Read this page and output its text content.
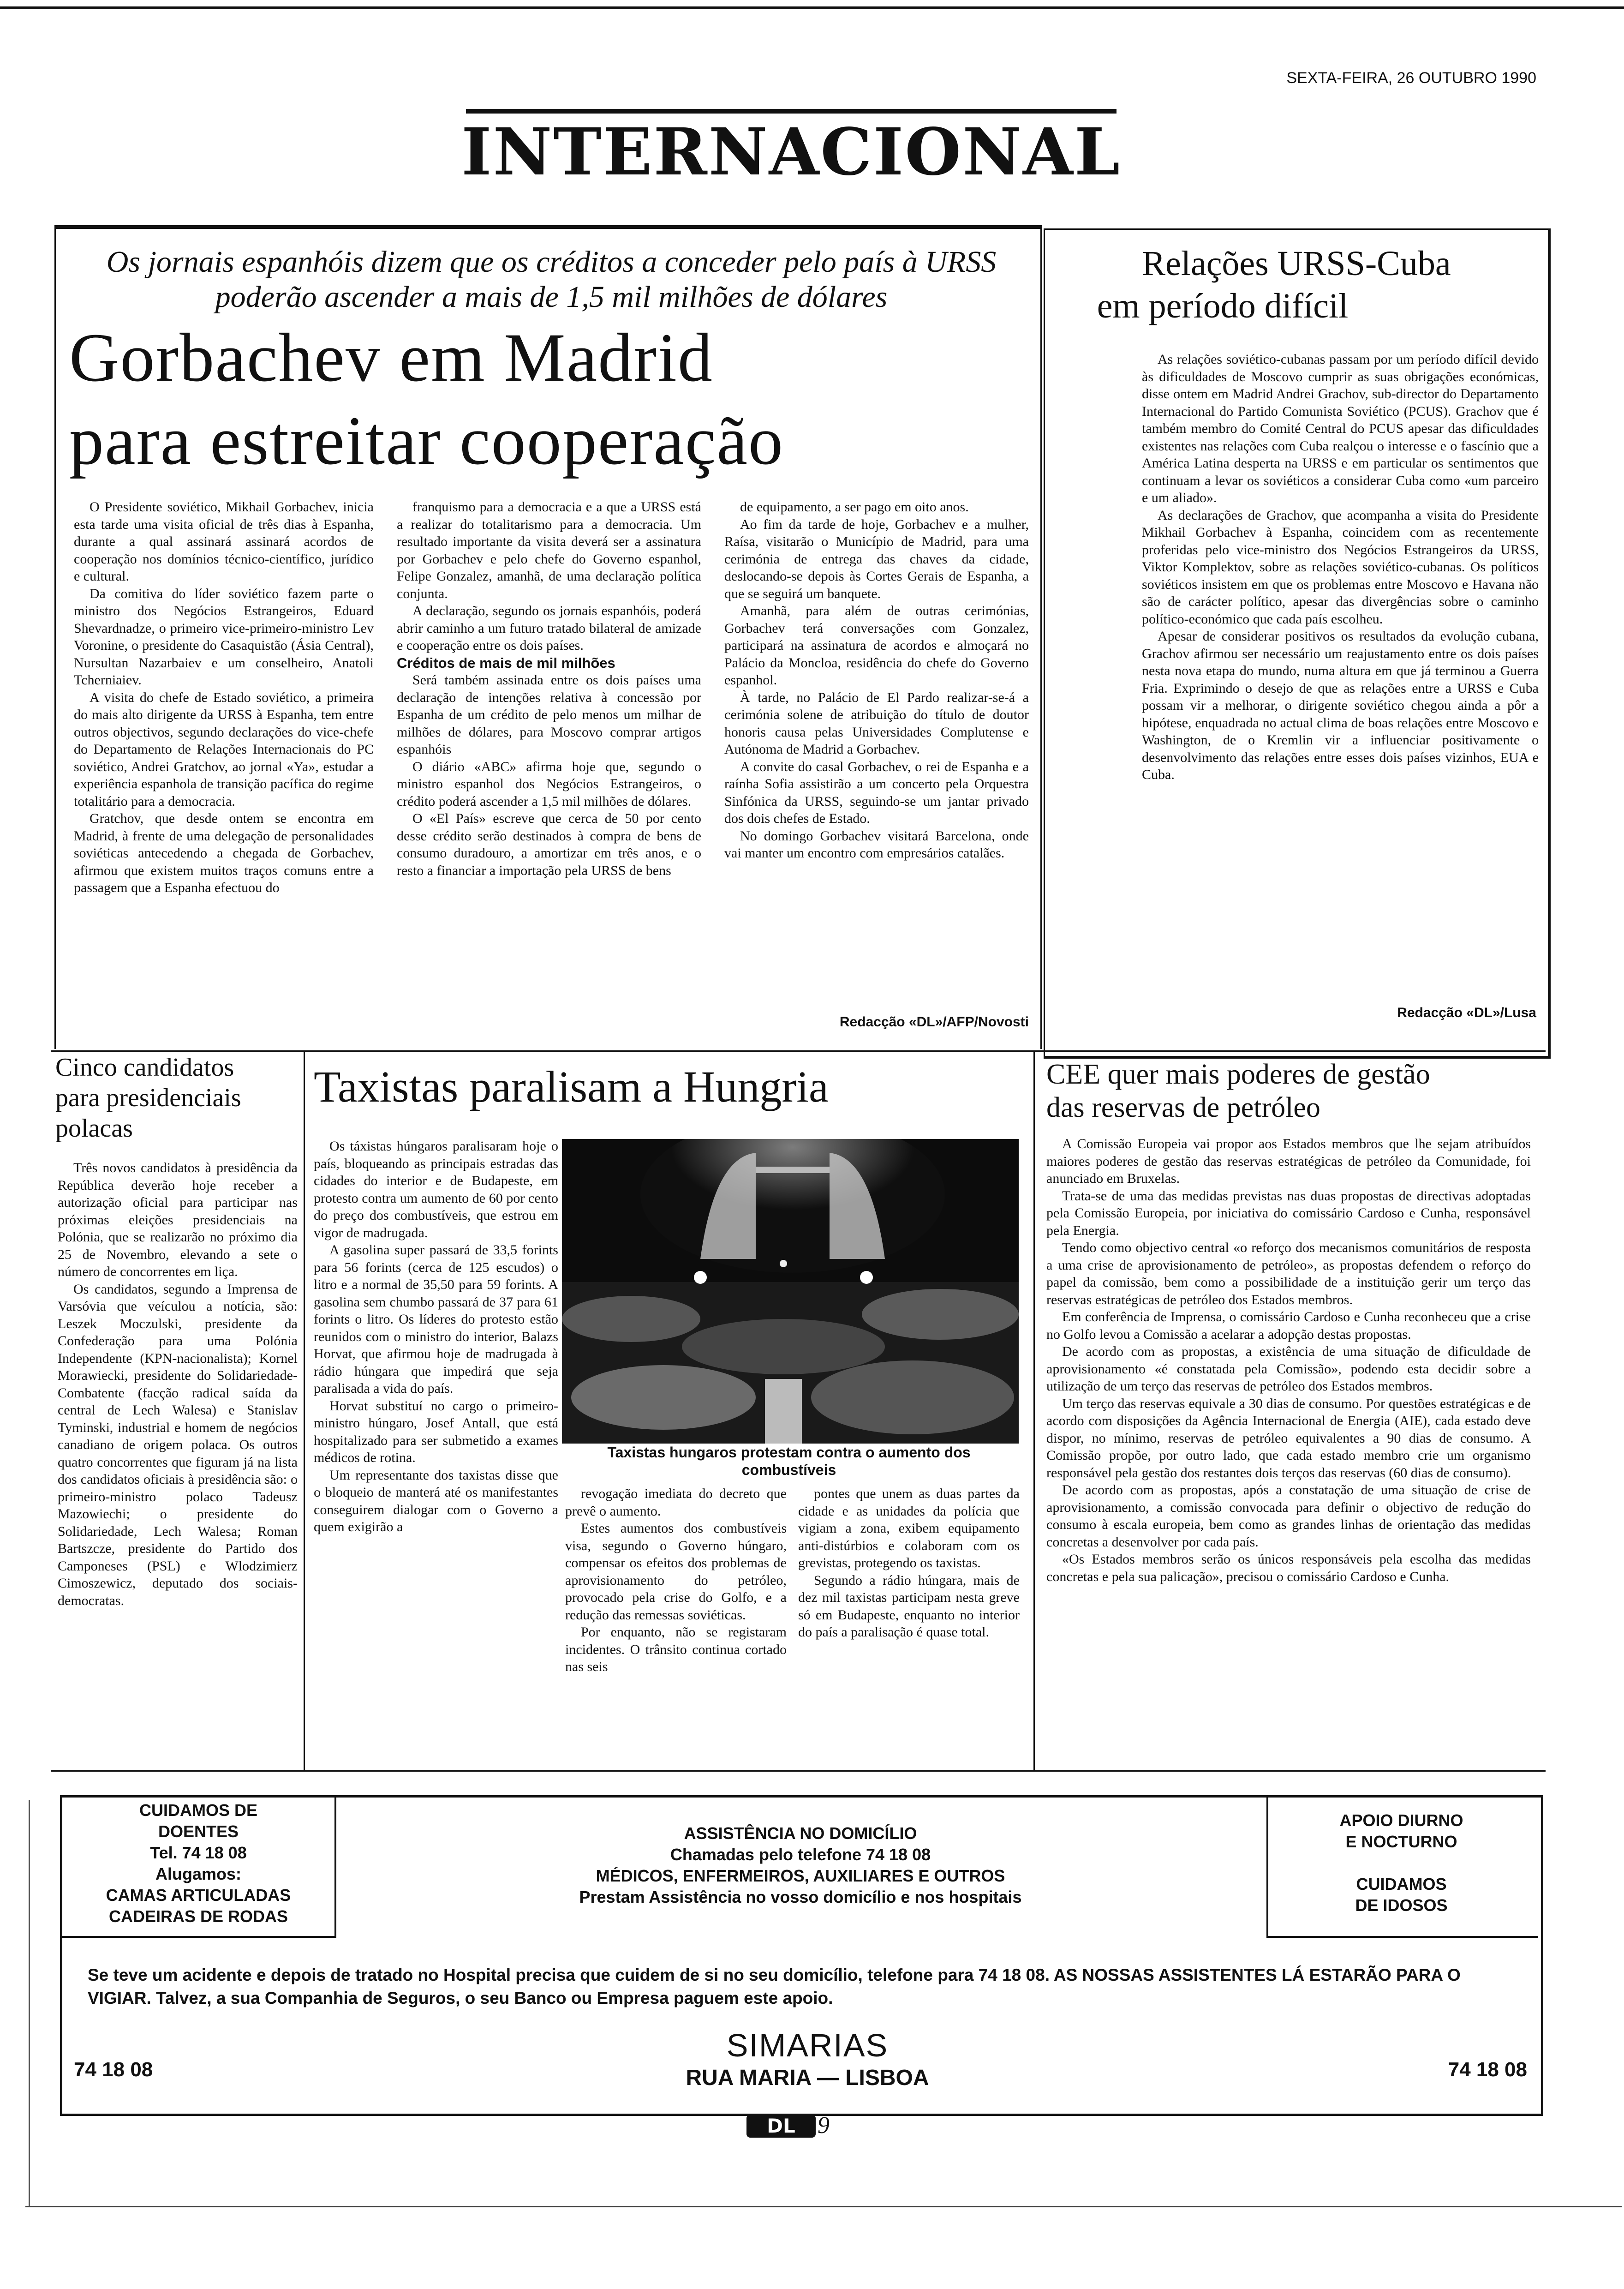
SEXTA-FEIRA, 26 OUTUBRO 1990
INTERNACIONAL
Os jornais espanhóis dizem que os créditos a conceder pelo país à URSS poderão ascender a mais de 1,5 mil milhões de dólares
Gorbachev em Madrid
para estreitar cooperação

O Presidente soviético, Mikhail Gorbachev, inicia esta tarde uma visita oficial de três dias à Espanha, durante a qual assinará assinará acordos de cooperação nos domínios técnico-científico, jurídico e cultural.

Da comitiva do líder soviético fazem parte o ministro dos Negócios Estrangeiros, Eduard Shevardnadze, o primeiro vice-primeiro-ministro Lev Voronine, o presidente do Casaquistão (Ásia Central), Nursultan Nazarbaiev e um conselheiro, Anatoli Tcherniaiev.

A visita do chefe de Estado soviético, a primeira do mais alto dirigente da URSS à Espanha, tem entre outros objectivos, segundo declarações do vice-chefe do Departamento de Relações Internacionais do PC soviético, Andrei Gratchov, ao jornal «Ya», estudar a experiência espanhola de transição pacífica do regime totalitário para a democracia.

Gratchov, que desde ontem se encontra em Madrid, à frente de uma delegação de personalidades soviéticas antecedendo a chegada de Gorbachev, afirmou que existem muitos traços comuns entre a passagem que a Espanha efectuou do

franquismo para a democracia e a que a URSS está a realizar do totalitarismo para a democracia. Um resultado importante da visita deverá ser a assinatura por Gorbachev e pelo chefe do Governo espanhol, Felipe Gonzalez, amanhã, de uma declaração política conjunta.

A declaração, segundo os jornais espanhóis, poderá abrir caminho a um futuro tratado bilateral de amizade e cooperação entre os dois países.

Créditos de mais de mil milhões

Será também assinada entre os dois países uma declaração de intenções relativa à concessão por Espanha de um crédito de pelo menos um milhar de milhões de dólares, para Moscovo comprar artigos espanhóis

O diário «ABC» afirma hoje que, segundo o ministro espanhol dos Negócios Estrangeiros, o crédito poderá ascender a 1,5 mil milhões de dólares.

O «El País» escreve que cerca de 50 por cento desse crédito serão destinados à compra de bens de consumo duradouro, a amortizar em três anos, e o resto a financiar a importação pela URSS de bens

de equipamento, a ser pago em oito anos.

Ao fim da tarde de hoje, Gorbachev e a mulher, Raísa, visitarão o Município de Madrid, para uma cerimónia de entrega das chaves da cidade, deslocando-se depois às Cortes Gerais de Espanha, a que se seguirá um banquete.

Amanhã, para além de outras cerimónias, Gorbachev terá conversações com Gonzalez, participará na assinatura de acordos e almoçará no Palácio da Moncloa, residência do chefe do Governo espanhol.

À tarde, no Palácio de El Pardo realizar-se-á a cerimónia solene de atribuição do título de doutor honoris causa pelas Universidades Complutense e Autónoma de Madrid a Gorbachev.

A convite do casal Gorbachev, o rei de Espanha e a raínha Sofia assistirão a um concerto pela Orquestra Sinfónica da URSS, seguindo-se um jantar privado dos dois chefes de Estado.

No domingo Gorbachev visitará Barcelona, onde vai manter um encontro com empresários catalães.

Redacção «DL»/AFP/Novosti
Relações URSS-Cuba
em período difícil

As relações soviético-cubanas passam por um período difícil devido às dificuldades de Moscovo cumprir as suas obrigações económicas, disse ontem em Madrid Andrei Grachov, sub-director do Departamento Internacional do Partido Comunista Soviético (PCUS). Grachov que é também membro do Comité Central do PCUS apesar das dificuldades existentes nas relações com Cuba realçou o interesse e o fascínio que a América Latina desperta na URSS e em particular os sentimentos que continuam a levar os soviéticos a considerar Cuba como «um parceiro e um aliado».

As declarações de Grachov, que acompanha a visita do Presidente Mikhail Gorbachev à Espanha, coincidem com as recentemente proferidas pelo vice-ministro dos Negócios Estrangeiros da URSS, Viktor Komplektov, sobre as relações soviético-cubanas. Os políticos soviéticos insistem em que os problemas entre Moscovo e Havana não são de carácter político, apesar das divergências sobre o caminho político-económico que cada país escolheu.

Apesar de considerar positivos os resultados da evolução cubana, Grachov afirmou ser necessário um reajustamento entre os dois países nesta nova etapa do mundo, numa altura em que já terminou a Guerra Fria. Exprimindo o desejo de que as relações entre a URSS e Cuba possam vir a melhorar, o dirigente soviético chegou ainda a pôr a hipótese, enquadrada no actual clima de boas relações entre Moscovo e Washington, de o Kremlin vir a influenciar positivamente o desenvolvimento das relações entre esses dois países vizinhos, EUA e Cuba.

Redacção «DL»/Lusa
Cinco candidatos
para presidenciais
polacas

Três novos candidatos à presidência da República deverão hoje receber a autorização oficial para participar nas próximas eleições presidenciais na Polónia, que se realizarão no próximo dia 25 de Novembro, elevando a sete o número de concorrentes em liça.

Os candidatos, segundo a Imprensa de Varsóvia que veículou a notícia, são: Leszek Moczulski, presidente da Confederação para uma Polónia Independente (KPN-nacionalista); Kornel Morawiecki, presidente do Solidariedade-Combatente (facção radical saída da central de Lech Walesa) e Stanislav Tyminski, industrial e homem de negócios canadiano de origem polaca. Os outros quatro concorrentes que figuram já na lista dos candidatos oficiais à presidência são: o primeiro-ministro polaco Tadeusz Mazowiechi; o presidente do Solidariedade, Lech Walesa; Roman Bartszcze, presidente do Partido dos Camponeses (PSL) e Wlodzimierz Cimoszewicz, deputado dos sociais-democratas.

Taxistas paralisam a Hungria

Os táxistas húngaros paralisaram hoje o país, bloqueando as principais estradas das cidades do interior e de Budapeste, em protesto contra um aumento de 60 por cento do preço dos combustíveis, que estrou em vigor de madrugada.

A gasolina super passará de 33,5 forints para 56 forints (cerca de 125 escudos) o litro e a normal de 35,50 para 59 forints. A gasolina sem chumbo passará de 37 para 61 forints o litro. Os líderes do protesto estão reunidos com o ministro do interior, Balazs Horvat, que afirmou hoje de madrugada à rádio húngara que impedirá que seja paralisada a vida do país.

Horvat substituí no cargo o primeiro-ministro húngaro, Josef Antall, que está hospitalizado para ser submetido a exames médicos de rotina.

Um representante dos taxistas disse que o bloqueio de manterá até os manifestantes conseguirem dialogar com o Governo a quem exigirão a

Taxistas hungaros protestam contra o aumento dos combustíveis

revogação imediata do decreto que prevê o aumento.

Estes aumentos dos combustíveis visa, segundo o Governo húngaro, compensar os efeitos dos problemas de aprovisionamento do petróleo, provocado pela crise do Golfo, e a redução das remessas soviéticas.

Por enquanto, não se registaram incidentes. O trânsito continua cortado nas seis

pontes que unem as duas partes da cidade e as unidades da polícia que vigiam a zona, exibem equipamento anti-distúrbios e colaboram com os grevistas, protegendo os taxistas.

Segundo a rádio húngara, mais de dez mil taxistas participam nesta greve só em Budapeste, enquanto no interior do país a paralisação é quase total.

CEE quer mais poderes de gestão
das reservas de petróleo

A Comissão Europeia vai propor aos Estados membros que lhe sejam atribuídos maiores poderes de gestão das reservas estratégicas de petróleo da Comunidade, foi anunciado em Bruxelas.

Trata-se de uma das medidas previstas nas duas propostas de directivas adoptadas pela Comissão Europeia, por iniciativa do comissário Cardoso e Cunha, responsável pela Energia.

Tendo como objectivo central «o reforço dos mecanismos comunitários de resposta a uma crise de aprovisionamento de petróleo», as propostas defendem o reforço do papel da comissão, bem como a possibilidade de a instituição gerir um terço das reservas estratégicas de petróleo dos Estados membros.

Em conferência de Imprensa, o comissário Cardoso e Cunha reconheceu que a crise no Golfo levou a Comissão a acelarar a adopção destas propostas.

De acordo com as propostas, a existência de uma situação de dificuldade de aprovisionamento «é constatada pela Comissão», podendo esta decidir sobre a utilização de um terço das reservas de petróleo dos Estados membros.

Um terço das reservas equivale a 30 dias de consumo. Por questões estratégicas e de acordo com disposições da Agência Internacional de Energia (AIE), cada estado deve dispor, no mínimo, reservas de petróleo equivalentes a 90 dias de consumo. A Comissão propõe, por outro lado, que cada estado membro crie um organismo responsável pela gestão dos restantes dois terços das reservas (60 dias de consumo).

De acordo com as propostas, após a constatação de uma situação de crise de aprovisionamento, a comissão convocada para definir o objectivo de redução do consumo à escala europeia, bem como as grandes linhas de orientação das medidas concretas a desenvolver por cada país.

«Os Estados membros serão os únicos responsáveis pela escolha das medidas concretas e pela sua palicação», precisou o comissário Cardoso e Cunha.

CUIDAMOS DE
DOENTES
Tel. 74 18 08
Alugamos:
CAMAS ARTICULADAS
CADEIRAS DE RODAS
ASSISTÊNCIA NO DOMICÍLIO
Chamadas pelo telefone 74 18 08
MÉDICOS, ENFERMEIROS, AUXILIARES E OUTROS
Prestam Assistência no vosso domicílio e nos hospitais
APOIO DIURNO
E NOCTURNO
CUIDAMOS
DE IDOSOS
Se teve um acidente e depois de tratado no Hospital precisa que cuidem de si no seu domicílio, telefone para 74 18 08. AS NOSSAS ASSISTENTES LÁ ESTARÃO PARA O VIGIAR. Talvez, a sua Companhia de Seguros, o seu Banco ou Empresa paguem este apoio.
74 18 08
SIMARIAS
RUA MARIA — LISBOA	74 18 08
DL 9
